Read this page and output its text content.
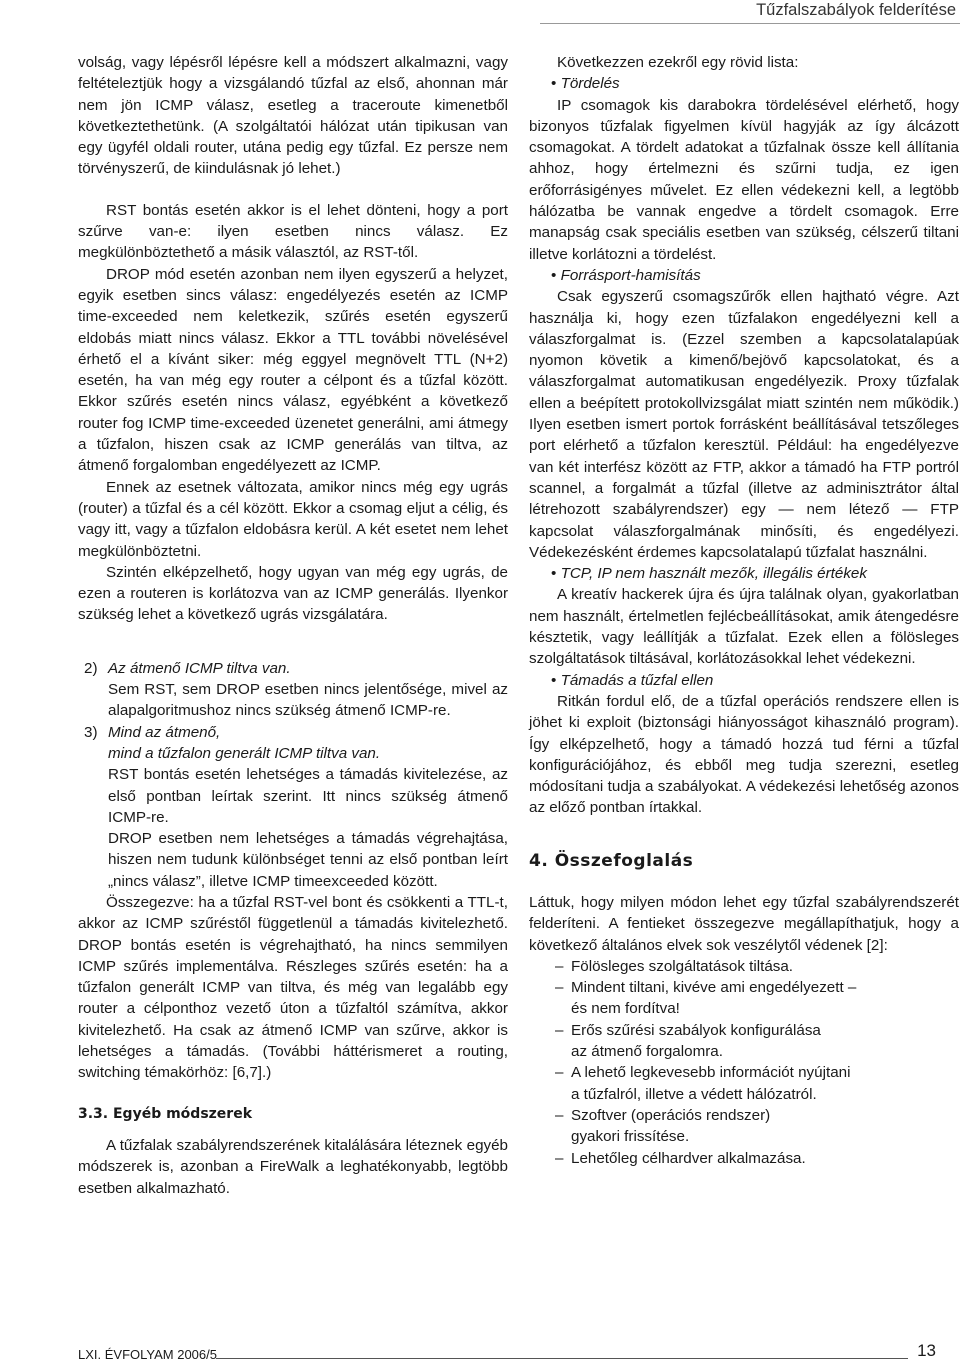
Tűzfalszabályok felderítése

volság, vagy lépésről lépésre kell a módszert alkalmazni, vagy feltételeztjük hogy a vizsgálandó tűzfal az első, ahonnan már nem jön ICMP válasz, esetleg a traceroute kimenetből következtethetünk. (A szolgáltatói hálózat után tipikusan van egy ügyfél oldali router, utána pedig egy tűzfal. Ez persze nem törvényszerű, de kiindulásnak jó lehet.)

RST bontás esetén akkor is el lehet dönteni, hogy a port szűrve van-e: ilyen esetben nincs válasz. Ez megkülönböztethető a másik választól, az RST-től.

DROP mód esetén azonban nem ilyen egyszerű a helyzet, egyik esetben sincs válasz: engedélyezés esetén az ICMP time-exceeded nem keletkezik, szűrés esetén egyszerű eldobás miatt nincs válasz. Ekkor a TTL további növelésével érhető el a kívánt siker: még eggyel megnövelt TTL (N+2) esetén, ha van még egy router a célpont és a tűzfal között. Ekkor szűrés esetén nincs válasz, egyébként a következő router fog ICMP time-exceeded üzenetet generálni, ami átmegy a tűzfalon, hiszen csak az ICMP generálás van tiltva, az átmenő forgalomban engedélyezett az ICMP.

Ennek az esetnek változata, amikor nincs még egy ugrás (router) a tűzfal és a cél között. Ekkor a csomag eljut a célig, és vagy itt, vagy a tűzfalon eldobásra kerül. A két esetet nem lehet megkülönböztetni.

Szintén elképzelhető, hogy ugyan van még egy ugrás, de ezen a routeren is korlátozva van az ICMP generálás. Ilyenkor szükség lehet a következő ugrás vizsgálatára.

2) Az átmenő ICMP tiltva van.

Sem RST, sem DROP esetben nincs jelentősége, mivel az alapalgoritmushoz nincs szükség átmenő ICMP-re.

3) Mind az átmenő,

mind a tűzfalon generált ICMP tiltva van.

RST bontás esetén lehetséges a támadás kivitelezése, az első pontban leírtak szerint. Itt nincs szükség átmenő ICMP-re.

DROP esetben nem lehetséges a támadás végrehajtása, hiszen nem tudunk különbséget tenni az első pontban leírt „nincs válasz”, illetve ICMP timeexceeded között.

Összegezve: ha a tűzfal RST-vel bont és csökkenti a TTL-t, akkor az ICMP szűréstől függetlenül a támadás kivitelezhető. DROP bontás esetén is végrehajtható, ha nincs semmilyen ICMP szűrés implementálva. Részleges szűrés esetén: ha a tűzfalon generált ICMP van tiltva, és még van legalább egy router a célponthoz vezető úton a tűzfaltól számítva, akkor kivitelezhető. Ha csak az átmenő ICMP van szűrve, akkor is lehetséges a támadás. (További háttérismeret a routing, switching témakörhöz: [6,7].)

3.3. Egyéb módszerek

A tűzfalak szabályrendszerének kitalálására léteznek egyéb módszerek is, azonban a FireWalk a leghatékonyabb, legtöbb esetben alkalmazható.

Következzen ezekről egy rövid lista:

• Tördelés

IP csomagok kis darabokra tördelésével elérhető, hogy bizonyos tűzfalak figyelmen kívül hagyják az így álcázott csomagokat. A tördelt adatokat a tűzfalnak össze kell állítania ahhoz, hogy értelmezni és szűrni tudja, ez igen erőforrásigényes művelet. Ez ellen védekezni kell, a legtöbb hálózatba be vannak engedve a tördelt csomagok. Erre manapság csak speciális esetben van szükség, célszerű tiltani illetve korlátozni a tördelést.

• Forrásport-hamisítás

Csak egyszerű csomagszűrők ellen hajtható végre. Azt használja ki, hogy ezen tűzfalakon engedélyezni kell a válaszforgalmat is. (Ezzel szemben a kapcsolatalapúak nyomon követik a kimenő/bejövő kapcsolatokat, és a válaszforgalmat automatikusan engedélyezik. Proxy tűzfalak ellen a beépített protokollvizsgálat miatt szintén nem működik.) Ilyen esetben ismert portok forrásként beállításával tetszőleges port elérhető a tűzfalon keresztül. Például: ha engedélyezve van két interfész között az FTP, akkor a támadó ha FTP portról scannel, a forgalmát a tűzfal (illetve az adminisztrátor által létrehozott szabályrendszer) egy — nem létező — FTP kapcsolat válaszforgalmának minősíti, és engedélyezi. Védekezésként érdemes kapcsolatalapú tűzfalat használni.

• TCP, IP nem használt mezők, illegális értékek

A kreatív hackerek újra és újra találnak olyan, gyakorlatban nem használt, értelmetlen fejlécbeállításokat, amik átengedésre késztetik, vagy leállítják a tűzfalat. Ezek ellen a fölösleges szolgáltatások tiltásával, korlátozásokkal lehet védekezni.

• Támadás a tűzfal ellen

Ritkán fordul elő, de a tűzfal operációs rendszere ellen is jöhet ki exploit (biztonsági hiányosságot kihasználó program). Így elképzelhető, hogy a támadó hozzá tud férni a tűzfal konfigurációjához, és ebből meg tudja szerezni, esetleg módosítani tudja a szabályokat. A védekezési lehetőség azonos az előző pontban írtakkal.

4. Összefoglalás

Láttuk, hogy milyen módon lehet egy tűzfal szabályrendszerét felderíteni. A fentieket összegezve megállapíthatjuk, hogy a következő általános elvek sok veszélytől védenek [2]:

– Fölösleges szolgáltatások tiltása.
– Mindent tiltani, kivéve ami engedélyezett –
és nem fordítva!
– Erős szűrési szabályok konfigurálása
az átmenő forgalomra.
– A lehető legkevesebb információt nyújtani
a tűzfalról, illetve a védett hálózatról.
– Szoftver (operációs rendszer)
gyakori frissítése.
– Lehetőleg célhardver alkalmazása.
LXI. ÉVFOLYAM 2006/5	13
